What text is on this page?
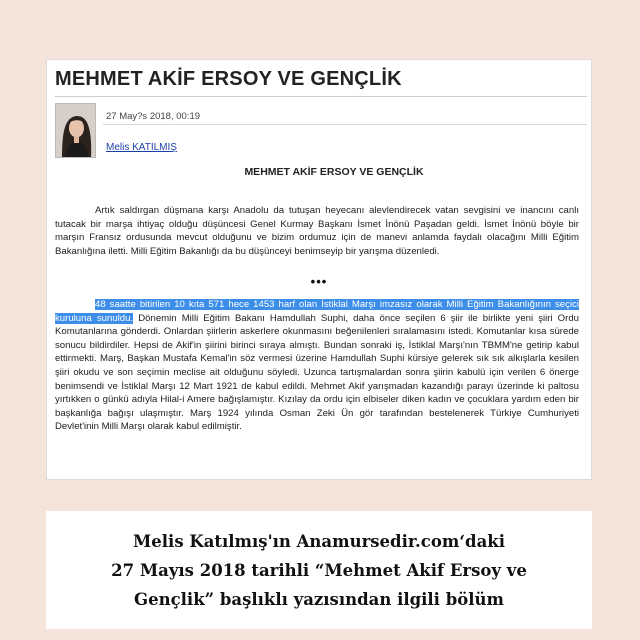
MEHMET AKİF ERSOY VE GENÇLİK
27 May?s 2018, 00:19
Melis KATILMIŞ
MEHMET AKİF ERSOY VE GENÇLİK

Artık saldırgan düşmana karşı Anadolu da tutuşan heyecanı alevlendirecek vatan sevgisini ve inancını canlı tutacak bir marşa ihtiyaç olduğu düşüncesi Genel Kurmay Başkanı İsmet İnönü Paşadan geldi. İsmet İnönü böyle bir marşın Fransız ordusunda mevcut olduğunu ve bizim ordumuz için de manevi anlamda faydalı olacağını Milli Eğitim Bakanlığına iletti. Milli Eğitim Bakanlığı da bu düşünceyi benimseyip bir yarışma düzenledi.

•••

48 saatte bitirilen 10 kıta 571 hece 1453 harf olan İstiklal Marşı imzasız olarak Milli Eğitim Bakanlığının seçici kuruluna sunuldu. Dönemin Milli Eğitim Bakanı Hamdullah Suphi, daha önce seçilen 6 şiir ile birlikte yeni şiiri Ordu Komutanlarına gönderdi. Onlardan şiirlerin askerlere okunmasını beğenilenleri sıralamasını istedi. Komutanlar kısa sürede sonucu bildirdiler. Hepsi de Akif'in şiirini birinci sıraya almıştı. Bundan sonraki iş, İstiklal Marşı'nın TBMM'ne getirip kabul ettirmekti. Marş, Başkan Mustafa Kemal'in söz vermesi üzerine Hamdullah Suphi kürsiye gelerek sık sık alkışlarla kesilen şiiri okudu ve son seçimin meclise ait olduğunu söyledi. Uzunca tartışmalardan sonra şiirin kabulü için verilen 6 önerge benimsendi ve İstiklal Marşı 12 Mart 1921 de kabul edildi. Mehmet Akif yarışmadan kazandığı parayı üzerinde ki paltosu yırtıkken o günkü adıyla Hilal-i Amere bağışlamıştır. Kızılay da ordu için elbiseler diken kadın ve çocuklara yardım eden bir başkanlığa bağışı ulaşmıştır. Marş 1924 yılında Osman Zeki Ün gör tarafından bestelenerek Türkiye Cumhuriyeti Devlet'inin Milli Marşı olarak kabul edilmiştir.

Melis Katılmış'ın Anamursedir.com‘daki
27 Mayıs 2018 tarihli “Mehmet Akif Ersoy ve
Gençlik” başlıklı yazısından ilgili bölüm
